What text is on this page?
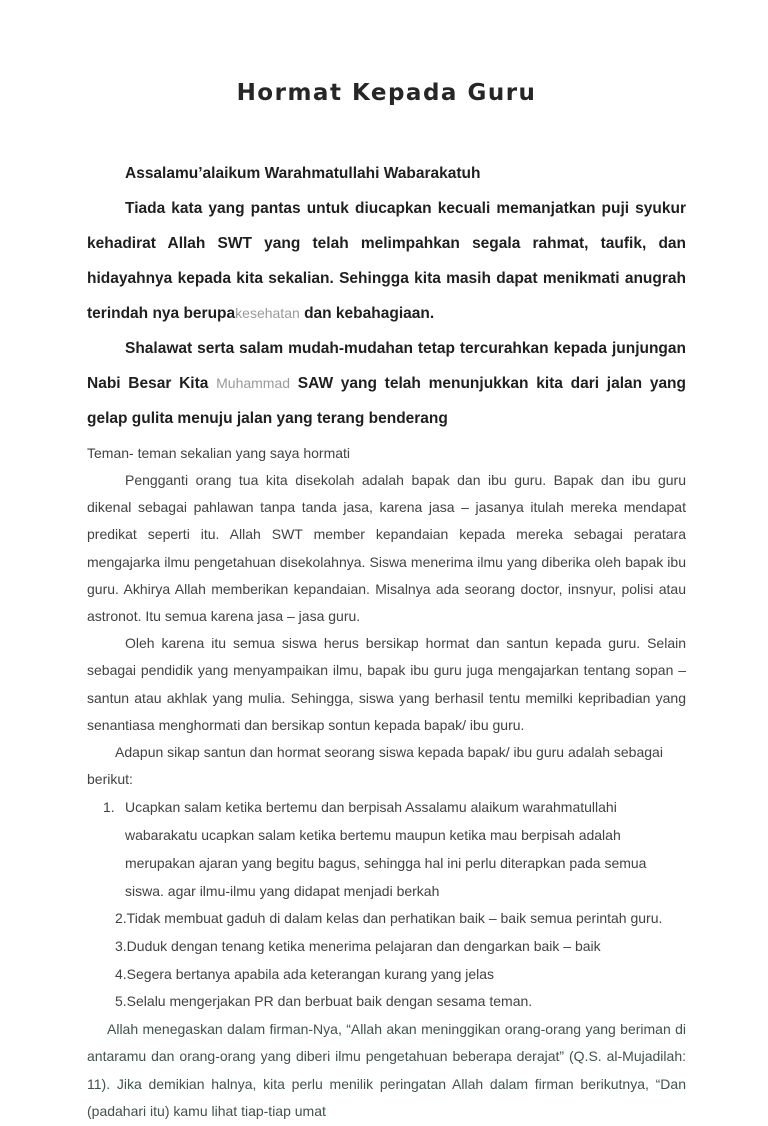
Hormat Kepada Guru

Assalamu’alaikum Warahmatullahi Wabarakatuh

Tiada kata yang pantas untuk diucapkan kecuali memanjatkan puji syukur kehadirat Allah SWT yang telah melimpahkan segala rahmat, taufik, dan hidayahnya kepada kita sekalian. Sehingga kita masih dapat menikmati anugrah terindah nya berupakesehatan dan kebahagiaan.

Shalawat serta salam mudah-mudahan tetap tercurahkan kepada junjungan Nabi Besar Kita Muhammad SAW yang telah menunjukkan kita dari jalan yang gelap gulita menuju jalan yang terang benderang

Teman- teman sekalian yang saya hormati

Pengganti orang tua kita disekolah adalah bapak dan ibu guru. Bapak dan ibu guru dikenal sebagai pahlawan tanpa tanda jasa, karena jasa – jasanya itulah mereka mendapat predikat seperti itu. Allah SWT member kepandaian kepada mereka sebagai peratara mengajarka ilmu pengetahuan disekolahnya. Siswa menerima ilmu yang diberika oleh bapak ibu guru. Akhirya Allah memberikan kepandaian. Misalnya ada seorang doctor, insnyur, polisi atau astronot. Itu semua karena jasa – jasa guru.

Oleh karena itu semua siswa herus bersikap hormat dan santun kepada guru. Selain sebagai pendidik yang menyampaikan ilmu, bapak ibu guru juga mengajarkan tentang sopan – santun atau akhlak yang mulia. Sehingga, siswa yang berhasil tentu memilki kepribadian yang senantiasa menghormati dan bersikap sontun kepada bapak/ ibu guru.

Adapun sikap santun dan hormat seorang siswa kepada bapak/ ibu guru adalah sebagai berikut:

1. Ucapkan salam ketika bertemu dan berpisah Assalamu alaikum warahmatullahi wabarakatu ucapkan salam ketika bertemu maupun ketika mau berpisah adalah merupakan ajaran yang begitu bagus, sehingga hal ini perlu diterapkan pada semua siswa. agar ilmu-ilmu yang didapat menjadi berkah

2.Tidak membuat gaduh di dalam kelas dan perhatikan baik – baik semua perintah guru.

3.Duduk dengan tenang ketika menerima pelajaran dan dengarkan baik – baik

4.Segera bertanya apabila ada keterangan kurang yang jelas

5.Selalu mengerjakan PR dan berbuat baik dengan sesama teman.

Allah menegaskan dalam firman-Nya, “Allah akan meninggikan orang-orang yang beriman di antaramu dan orang-orang yang diberi ilmu pengetahuan beberapa derajat” (Q.S. al-Mujadilah: 11). Jika demikian halnya, kita perlu menilik peringatan Allah dalam firman berikutnya, “Dan (padahari itu) kamu lihat tiap-tiap umat
